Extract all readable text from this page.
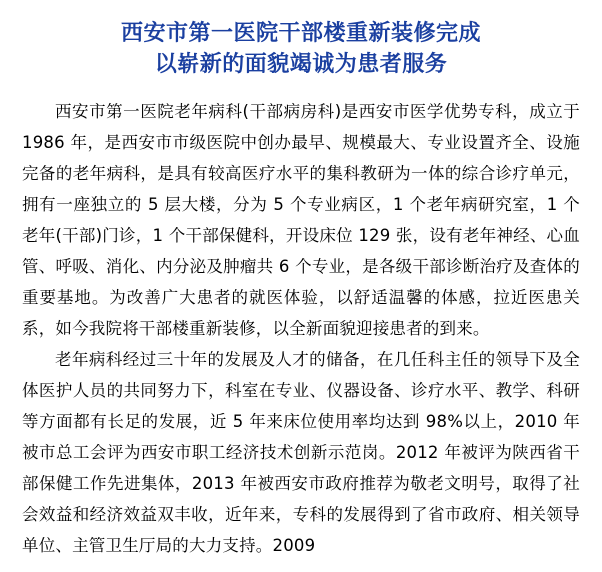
西安市第一医院干部楼重新装修完成
以崭新的面貌竭诚为患者服务

西安市第一医院老年病科(干部病房科)是西安市医学优势专科，成立于 1986 年，是西安市市级医院中创办最早、规模最大、专业设置齐全、设施完备的老年病科，是具有较高医疗水平的集科教研为一体的综合诊疗单元，拥有一座独立的 5 层大楼，分为 5 个专业病区，1 个老年病研究室，1 个老年(干部)门诊，1 个干部保健科，开设床位 129 张，设有老年神经、心血管、呼吸、消化、内分泌及肿瘤共 6 个专业，是各级干部诊断治疗及查体的重要基地。为改善广大患者的就医体验，以舒适温馨的体感，拉近医患关系，如今我院将干部楼重新装修，以全新面貌迎接患者的到来。

老年病科经过三十年的发展及人才的储备，在几任科主任的领导下及全体医护人员的共同努力下，科室在专业、仪器设备、诊疗水平、教学、科研等方面都有长足的发展，近 5 年来床位使用率均达到 98%以上，2010 年被市总工会评为西安市职工经济技术创新示范岗。2012 年被评为陕西省干部保健工作先进集体，2013 年被西安市政府推荐为敬老文明号，取得了社会效益和经济效益双丰收，近年来，专科的发展得到了省市政府、相关领导单位、主管卫生厅局的大力支持。2009
